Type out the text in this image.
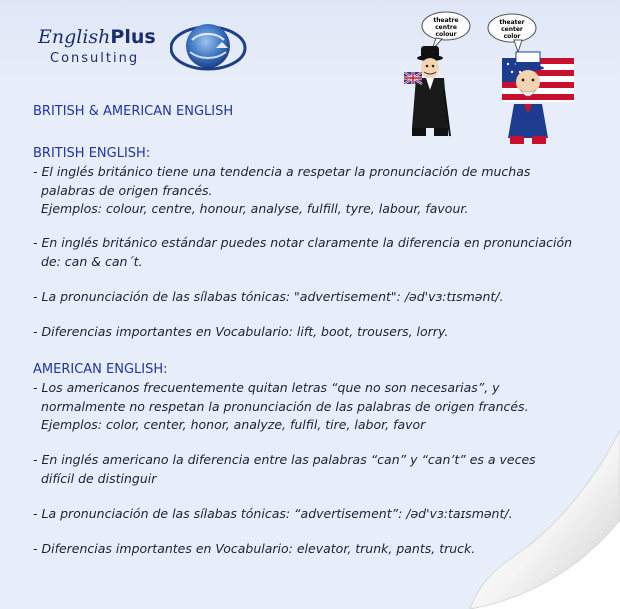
EnglishPlus
Consulting
theatre
centre
colour
theater
center
color
BRITISH & AMERICAN ENGLISH
BRITISH ENGLISH:
- El inglés británico tiene una tendencia a respetar la pronunciación de muchas
palabras de origen francés.
Ejemplos: colour, centre, honour, analyse, fulfill, tyre, labour, favour.
- En inglés británico estándar puedes notar claramente la diferencia en pronunciación
de: can & can´t.
- La pronunciación de las sílabas tónicas: "advertisement": /əd'vɜ:tɪsmənt/.
- Diferencias importantes en Vocabulario: lift, boot, trousers, lorry.
AMERICAN ENGLISH:
- Los americanos frecuentemente quitan letras “que no son necesarias”, y
normalmente no respetan la pronunciación de las palabras de origen francés.
Ejemplos: color, center, honor, analyze, fulfil, tire, labor, favor
- En inglés americano la diferencia entre las palabras “can” y “can’t” es a veces
difícil de distinguir
- La pronunciación de las sílabas tónicas: “advertisement”: /əd'vɜ:taɪsmənt/.
- Diferencias importantes en Vocabulario: elevator, trunk, pants, truck.
